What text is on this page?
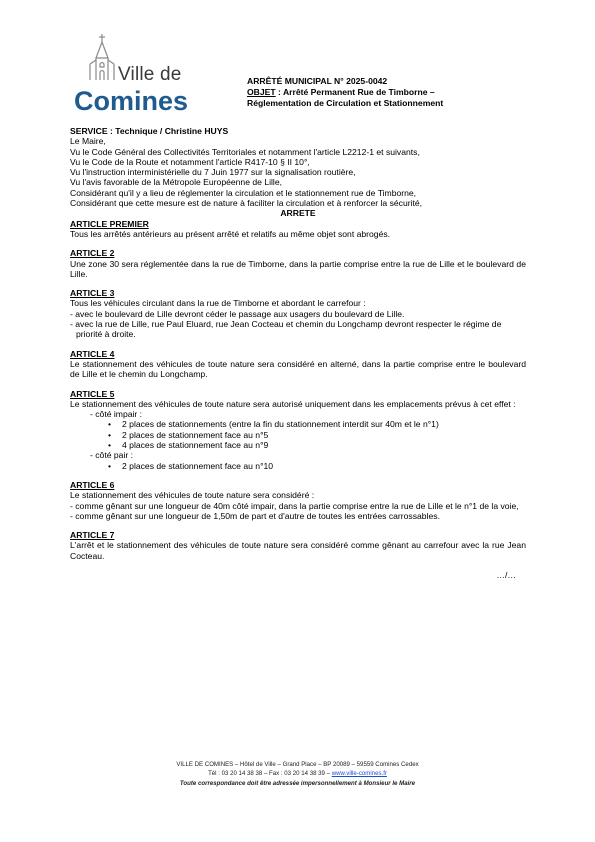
Ville de
Comines
ARRÊTÉ MUNICIPAL N° 2025-0042
OBJET : Arrêté Permanent Rue de Timborne –
Réglementation de Circulation et Stationnement

SERVICE : Technique / Christine HUYS

Le Maire,

Vu le Code Général des Collectivités Territoriales et notamment l'article L2212-1 et suivants,

Vu le Code de la Route et notamment l'article R417-10 § II 10°,

Vu l'instruction interministérielle du 7 Juin 1977 sur la signalisation routière,

Vu l'avis favorable de la Métropole Européenne de Lille,

Considérant qu'il y a lieu de réglementer la circulation et le stationnement rue de Timborne,

Considérant que cette mesure est de nature à faciliter la circulation et à renforcer la sécurité,

ARRETE

ARTICLE PREMIER

Tous les arrêtés antérieurs au présent arrêté et relatifs au même objet sont abrogés.

ARTICLE 2

Une zone 30 sera réglementée dans la rue de Timborne, dans la partie comprise entre la rue de Lille et le boulevard de Lille.

ARTICLE 3

Tous les véhicules circulant dans la rue de Timborne et abordant le carrefour :

- avec le boulevard de Lille devront céder le passage aux usagers du boulevard de Lille.

- avec la rue de Lille, rue Paul Eluard, rue Jean Cocteau et chemin du Longchamp devront respecter le régime de priorité à droite.

ARTICLE 4

Le stationnement des véhicules de toute nature sera considéré en alterné, dans la partie comprise entre le boulevard de Lille et le chemin du Longchamp.

ARTICLE 5

Le stationnement des véhicules de toute nature sera autorisé uniquement dans les emplacements prévus à cet effet :

- côté impair :

• 2 places de stationnements (entre la fin du stationnement interdit sur 40m et le n°1)

• 2 places de stationnement face au n°5

• 4 places de stationnement face au n°9

- côté pair :

• 2 places de stationnement face au n°10

ARTICLE 6

Le stationnement des véhicules de toute nature sera considéré :

- comme gênant sur une longueur de 40m côté impair, dans la partie comprise entre la rue de Lille et le n°1 de la voie,

- comme gênant sur une longueur de 1,50m de part et d'autre de toutes les entrées carrossables.

ARTICLE 7

L'arrêt et le stationnement des véhicules de toute nature sera considéré comme gênant au carrefour avec la rue Jean Cocteau.

…/…

VILLE DE COMINES – Hôtel de Ville – Grand Place – BP 20089 – 59559 Comines Cedex
Tél : 03 20 14 38 38 – Fax : 03 20 14 38 39 – www.ville-comines.fr
Toute correspondance doit être adressée impersonnellement à Monsieur le Maire
